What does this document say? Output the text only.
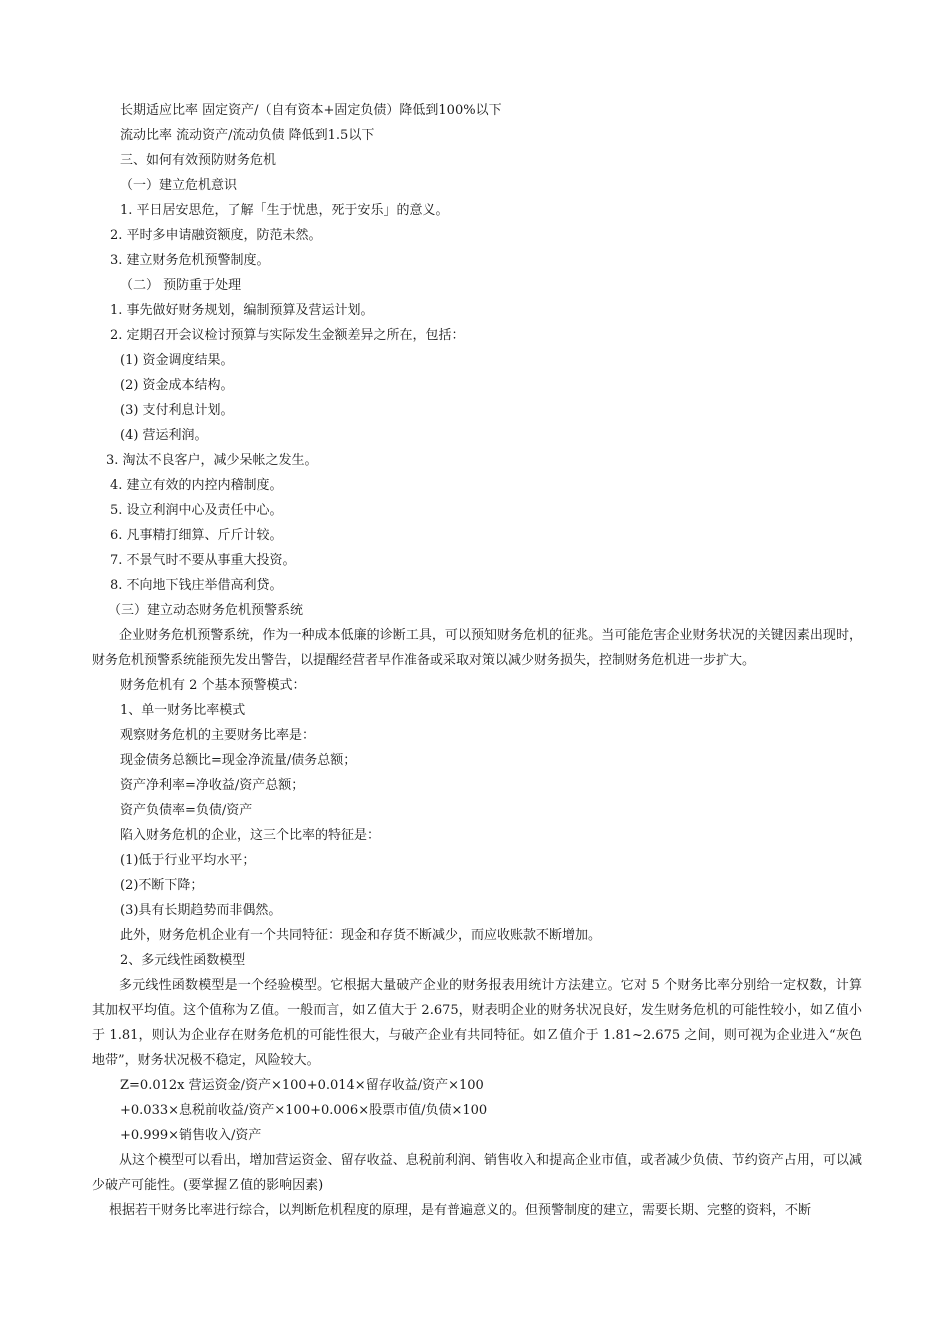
长期适应比率 固定资产/（自有资本+固定负债）降低到100%以下

流动比率 流动资产/流动负债 降低到1.5以下

三、如何有效预防财务危机

（一）建立危机意识

1. 平日居安思危，了解「生于忧患，死于安乐」的意义。

2. 平时多申请融资额度，防范未然。

3. 建立财务危机预警制度。

（二） 预防重于处理

1. 事先做好财务规划，编制预算及营运计划。

2. 定期召开会议检讨预算与实际发生金额差异之所在，包括：

(1) 资金调度结果。

(2) 资金成本结构。

(3) 支付利息计划。

(4) 营运利润。

3. 淘汰不良客户，减少呆帐之发生。

4. 建立有效的内控内稽制度。

5. 设立利润中心及责任中心。

6. 凡事精打细算、斤斤计较。

7. 不景气时不要从事重大投资。

8. 不向地下钱庄举借高利贷。

（三）建立动态财务危机预警系统

企业财务危机预警系统，作为一种成本低廉的诊断工具，可以预知财务危机的征兆。当可能危害企业财务状况的关键因素出现时，财务危机预警系统能预先发出警告，以提醒经营者早作准备或采取对策以减少财务损失，控制财务危机进一步扩大。

财务危机有 2 个基本预警模式：

1、单一财务比率模式

观察财务危机的主要财务比率是：

现金债务总额比=现金净流量/债务总额；

资产净利率=净收益/资产总额；

资产负债率=负债/资产

陷入财务危机的企业，这三个比率的特征是：

(1)低于行业平均水平；

(2)不断下降；

(3)具有长期趋势而非偶然。

此外，财务危机企业有一个共同特征：现金和存货不断减少，而应收账款不断增加。

2、多元线性函数模型

多元线性函数模型是一个经验模型。它根据大量破产企业的财务报表用统计方法建立。它对 5 个财务比率分别给一定权数，计算其加权平均值。这个值称为Ｚ值。一般而言，如Ｚ值大于 2.675，财表明企业的财务状况良好，发生财务危机的可能性较小，如Ｚ值小于 1.81，则认为企业存在财务危机的可能性很大，与破产企业有共同特征。如Ｚ值介于 1.81~2.675 之间，则可视为企业进入“灰色地带”，财务状况极不稳定，风险较大。

Z=0.012x 营运资金/资产×100+0.014×留存收益/资产×100

+0.033×息税前收益/资产×100+0.006×股票市值/负债×100

+0.999×销售收入/资产

从这个模型可以看出，增加营运资金、留存收益、息税前利润、销售收入和提高企业市值，或者减少负债、节约资产占用，可以减少破产可能性。(要掌握Ｚ值的影响因素)

根据若干财务比率进行综合，以判断危机程度的原理，是有普遍意义的。但预警制度的建立，需要长期、完整的资料，不断
